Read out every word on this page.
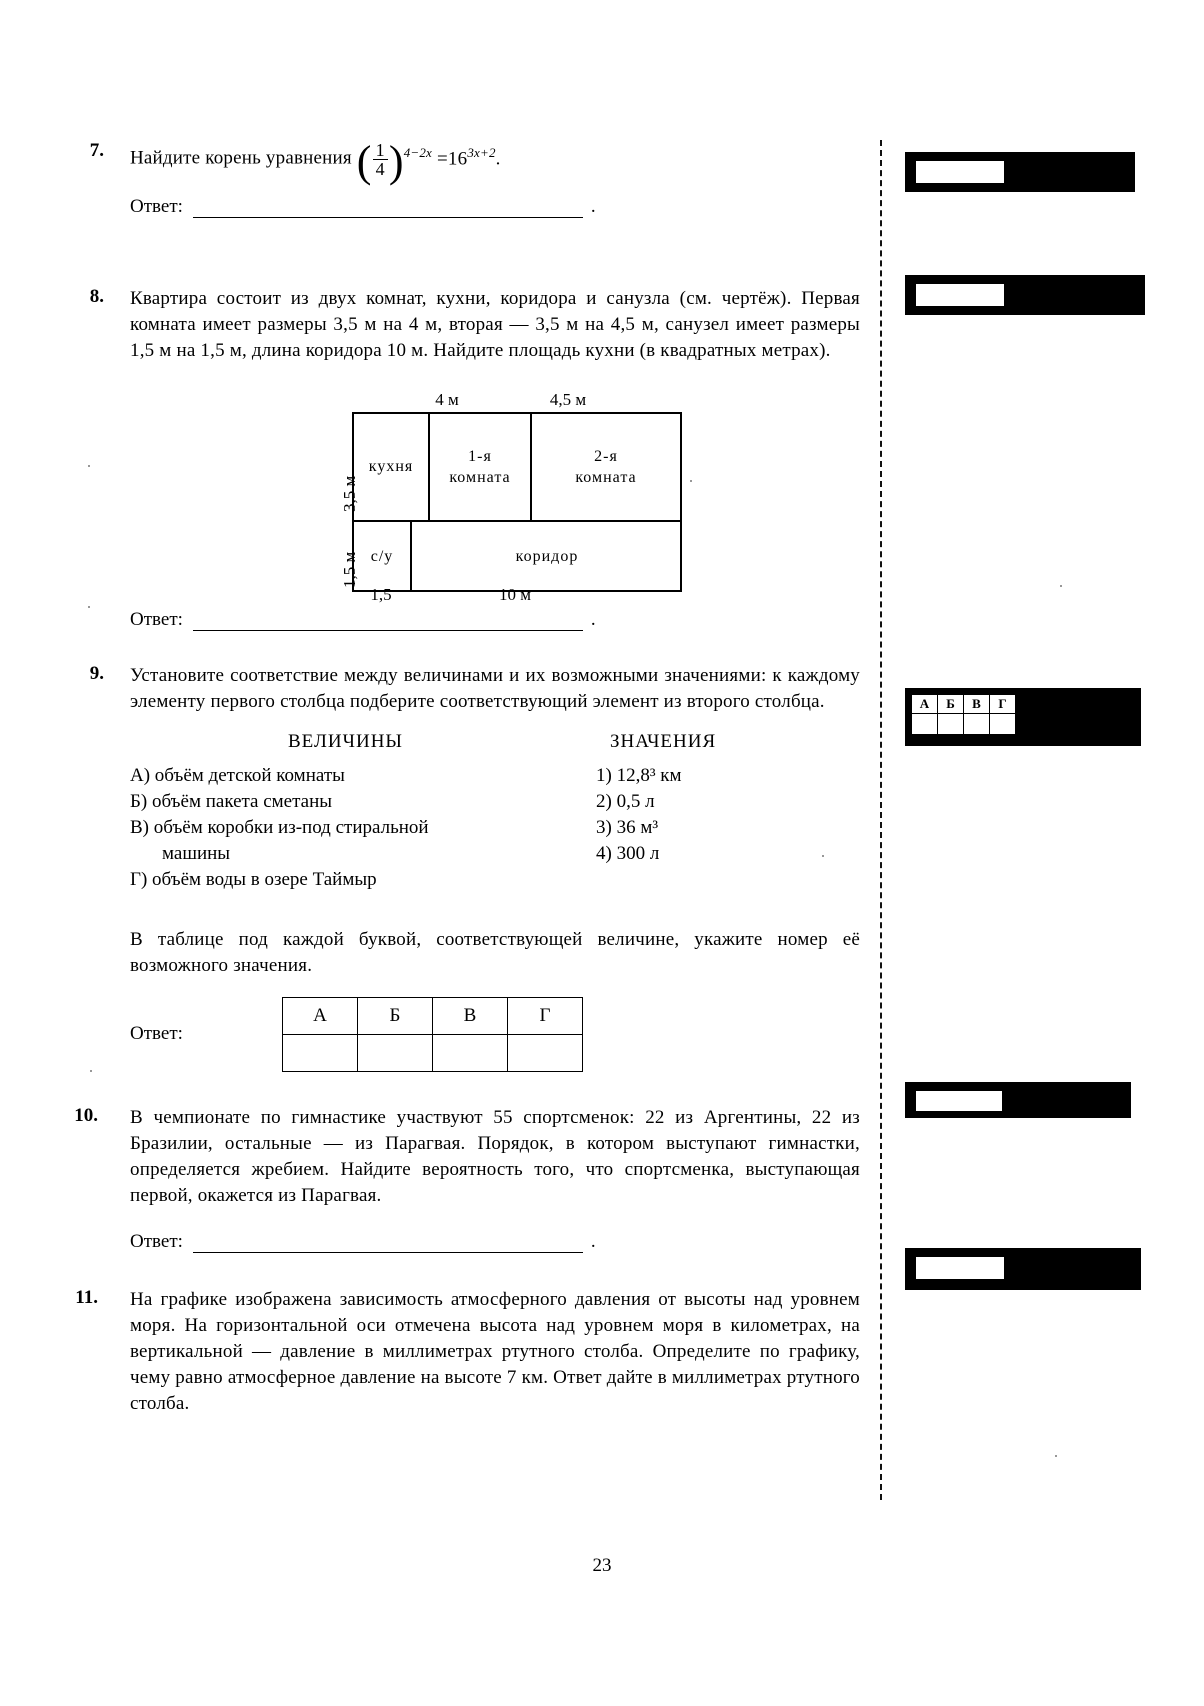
7. Найдите корень уравнения ( $\frac{1}{4} )^{4-2x} =16^{3x+2}$.
Ответ:	.
8. Квартира состоит из двух комнат, кухни, коридора и санузла (см. чертёж). Первая комната имеет размеры 3,5 м на 4 м, вторая — 3,5 м на 4,5 м, санузел имеет размеры 1,5 м на 1,5 м, длина коридора 10 м. Найдите площадь кухни (в квадратных метрах).
4 м	4,5 м
3,5 м
1,5 м
кухня
1-я
комната
2-я
комната
с/у	коридор
1,5	10 м
Ответ:	.
9. Установите соответствие между величинами и их возможными значениями: к каждому элементу первого столбца подберите соответствующий элемент из второго столбца.
ВЕЛИЧИНЫ	ЗНАЧЕНИЯ
А) объём детской комнаты
Б) объём пакета сметаны
В) объём коробки из-под стиральной
машины
Г) объём воды в озере Таймыр
1) 12,8³ км
2) 0,5 л
3) 36 м³
4) 300 л
В таблице под каждой буквой, соответствующей величине, укажите номер её возможного значения.
Ответ:
А	Б	В	Г

10. В чемпионате по гимнастике участвуют 55 спортсменок: 22 из Аргентины, 22 из Бразилии, остальные — из Парагвая. Порядок, в котором выступают гимнастки, определяется жребием. Найдите вероятность того, что спортсменка, выступающая первой, окажется из Парагвая.
Ответ:	.
11. На графике изображена зависимость атмосферного давления от высоты над уровнем моря. На горизонтальной оси отмечена высота над уровнем моря в километрах, на вертикальной — давление в миллиметрах ртутного столба. Определите по графику, чему равно атмосферное давление на высоте 7 км. Ответ дайте в миллиметрах ртутного столба.
А	Б	В	Г

23
